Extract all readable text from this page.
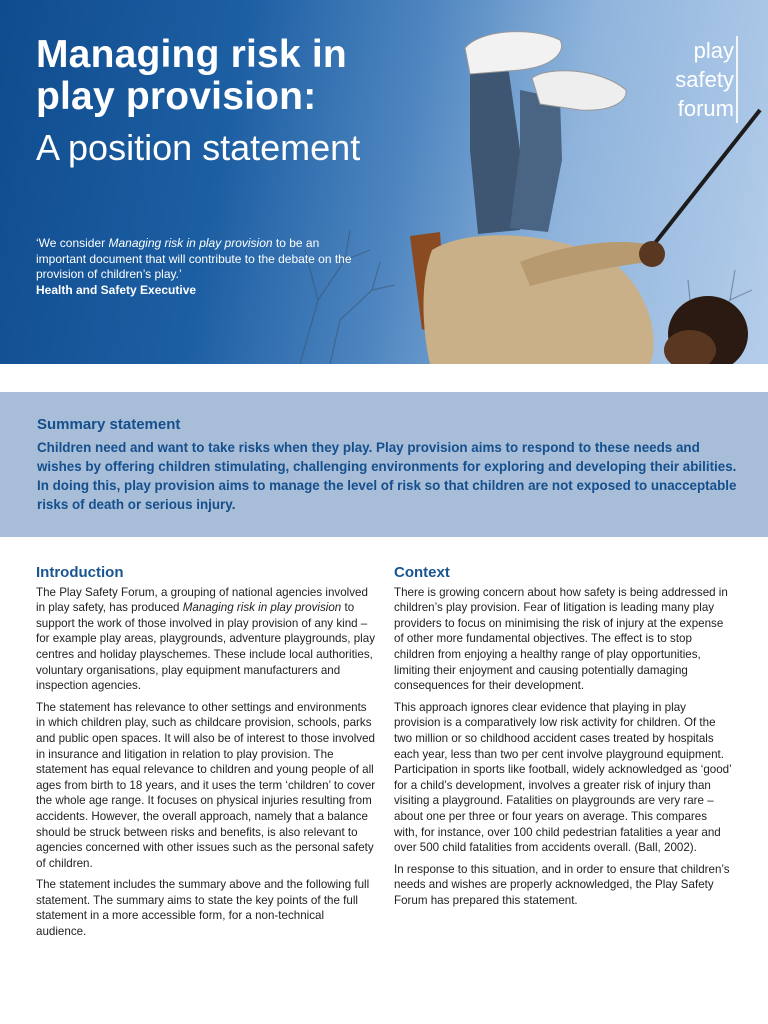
Managing risk in
play provision:

A position statement

play
safety
forum
‘We consider Managing risk in play provision to be an important document that will contribute to the debate on the provision of children’s play.’
Health and Safety Executive
Summary statement

Children need and want to take risks when they play. Play provision aims to respond to these needs and wishes by offering children stimulating, challenging environments for exploring and developing their abilities. In doing this, play provision aims to manage the level of risk so that children are not exposed to unacceptable risks of death or serious injury.

Introduction

The Play Safety Forum, a grouping of national agencies involved in play safety, has produced Managing risk in play provision to support the work of those involved in play provision of any kind – for example play areas, playgrounds, adventure playgrounds, play centres and holiday playschemes. These include local authorities, voluntary organisations, play equipment manufacturers and inspection agencies.

The statement has relevance to other settings and environments in which children play, such as childcare provision, schools, parks and public open spaces. It will also be of interest to those involved in insurance and litigation in relation to play provision. The statement has equal relevance to children and young people of all ages from birth to 18 years, and it uses the term ‘children’ to cover the whole age range. It focuses on physical injuries resulting from accidents. However, the overall approach, namely that a balance should be struck between risks and benefits, is also relevant to agencies concerned with other issues such as the personal safety of children.

The statement includes the summary above and the following full statement. The summary aims to state the key points of the full statement in a more accessible form, for a non-technical audience.

Context

There is growing concern about how safety is being addressed in children’s play provision. Fear of litigation is leading many play providers to focus on minimising the risk of injury at the expense of other more fundamental objectives. The effect is to stop children from enjoying a healthy range of play opportunities, limiting their enjoyment and causing potentially damaging consequences for their development.

This approach ignores clear evidence that playing in play provision is a comparatively low risk activity for children. Of the two million or so childhood accident cases treated by hospitals each year, less than two per cent involve playground equipment. Participation in sports like football, widely acknowledged as ‘good’ for a child’s development, involves a greater risk of injury than visiting a playground. Fatalities on playgrounds are very rare – about one per three or four years on average. This compares with, for instance, over 100 child pedestrian fatalities a year and over 500 child fatalities from accidents overall. (Ball, 2002).

In response to this situation, and in order to ensure that children’s needs and wishes are properly acknowledged, the Play Safety Forum has prepared this statement.
